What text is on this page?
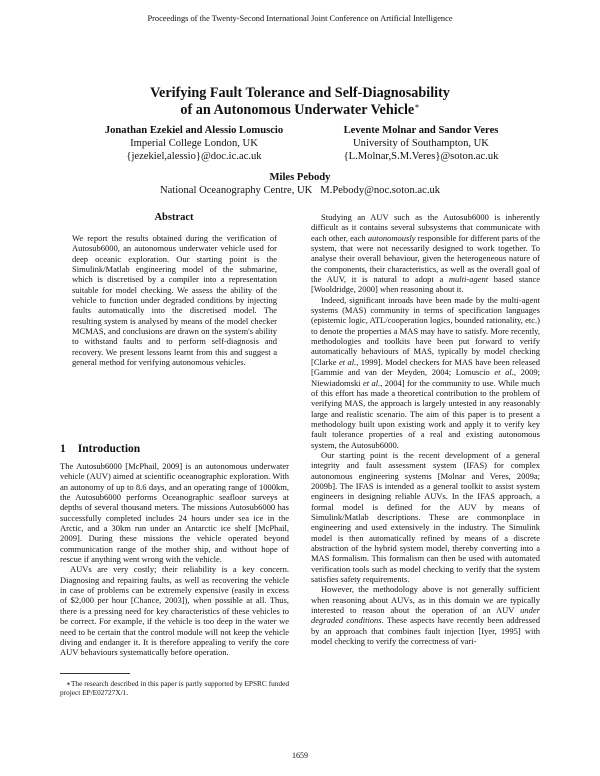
Proceedings of the Twenty-Second International Joint Conference on Artificial Intelligence
Verifying Fault Tolerance and Self-Diagnosability
of an Autonomous Underwater Vehicle∗
Jonathan Ezekiel and Alessio Lomuscio
Imperial College London, UK
{jezekiel,alessio}@doc.ic.ac.uk
Levente Molnar and Sandor Veres
University of Southampton, UK
{L.Molnar,S.M.Veres}@soton.ac.uk
Miles Pebody
National Oceanography Centre, UK   M.Pebody@noc.soton.ac.uk
Abstract

We report the results obtained during the verification of Autosub6000, an autonomous underwater vehicle used for deep oceanic exploration. Our starting point is the Simulink/Matlab engineering model of the submarine, which is discretised by a compiler into a representation suitable for model checking. We assess the ability of the vehicle to function under degraded conditions by injecting faults automatically into the discretised model. The resulting system is analysed by means of the model checker MCMAS, and conclusions are drawn on the system's ability to withstand faults and to perform self-diagnosis and recovery. We present lessons learnt from this and suggest a general method for verifying autonomous vehicles.

1 Introduction

The Autosub6000 [McPhail, 2009] is an autonomous underwater vehicle (AUV) aimed at scientific oceanographic exploration. With an autonomy of up to 8.6 days, and an operating range of 1000km, the Autosub6000 performs Oceanographic seafloor surveys at depths of several thousand meters. The missions Autosub6000 has successfully completed includes 24 hours under sea ice in the Arctic, and a 30km run under an Antarctic ice shelf [McPhail, 2009]. During these missions the vehicle operated beyond communication range of the mother ship, and without hope of rescue if anything went wrong with the vehicle.

AUVs are very costly; their reliability is a key concern. Diagnosing and repairing faults, as well as recovering the vehicle in case of problems can be extremely expensive (easily in excess of $2,000 per hour [Chance, 2003]), when possible at all. Thus, there is a pressing need for key characteristics of these vehicles to be correct. For example, if the vehicle is too deep in the water we need to be certain that the control module will not keep the vehicle diving and endanger it. It is therefore appealing to verify the core AUV behaviours systematically before operation.

∗The research described in this paper is partly supported by EPSRC funded project EP/E02727X/1.

Studying an AUV such as the Autosub6000 is inherently difficult as it contains several subsystems that communicate with each other, each autonomously responsible for different parts of the system, that were not necessarily designed to work together. To analyse their overall behaviour, given the heterogeneous nature of the components, their characteristics, as well as the overall goal of the AUV, it is natural to adopt a multi-agent based stance [Wooldridge, 2000] when reasoning about it.

Indeed, significant inroads have been made by the multi-agent systems (MAS) community in terms of specification languages (epistemic logic, ATL/cooperation logics, bounded rationality, etc.) to denote the properties a MAS may have to satisfy. More recently, methodologies and toolkits have been put forward to verify automatically behaviours of MAS, typically by model checking [Clarke et al., 1999]. Model checkers for MAS have been released [Gammie and van der Meyden, 2004; Lomuscio et al., 2009; Niewiadomski et al., 2004] for the community to use. While much of this effort has made a theoretical contribution to the problem of verifying MAS, the approach is largely untested in any reasonably large and realistic scenario. The aim of this paper is to present a methodology built upon existing work and apply it to verify key fault tolerance properties of a real and existing autonomous system, the Autosub6000.

Our starting point is the recent development of a general integrity and fault assessment system (IFAS) for complex autonomous engineering systems [Molnar and Veres, 2009a; 2009b]. The IFAS is intended as a general toolkit to assist system engineers in designing reliable AUVs. In the IFAS approach, a formal model is defined for the AUV by means of Simulink/Matlab descriptions. These are commonplace in engineering and used extensively in the industry. The Simulink model is then automatically refined by means of a discrete abstraction of the hybrid system model, thereby converting into a MAS formalism. This formalism can then be used with automated verification tools such as model checking to verify that the system satisfies safety requirements.

However, the methodology above is not generally sufficient when reasoning about AUVs, as in this domain we are typically interested to reason about the operation of an AUV under degraded conditions. These aspects have recently been addressed by an approach that combines fault injection [Iyer, 1995] with model checking to verify the correctness of vari-

1659
